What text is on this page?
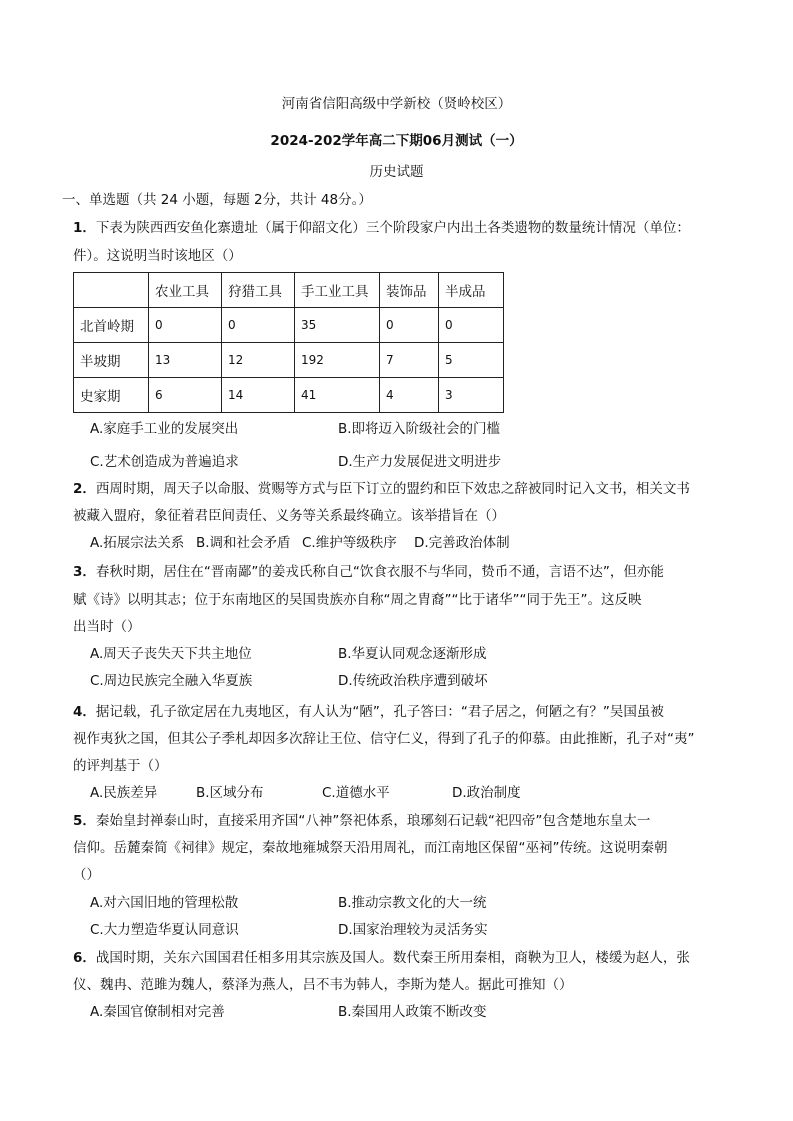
河南省信阳高级中学新校（贤岭校区）
2024-202学年高二下期06月测试（一）
历史试题
一、单选题（共 24 小题，每题 2分，共计 48分。）
1．下表为陕西西安鱼化寨遗址（属于仰韶文化）三个阶段家户内出土各类遗物的数量统计情况（单位：
件）。这说明当时该地区（）
	农业工具	狩猎工具	手工业工具	装饰品	半成品
北首岭期	0	0	35	0	0
半坡期	13	12	192	7	5
史家期	6	14	41	4	3
A.家庭手工业的发展突出	B.即将迈入阶级社会的门槛
C.艺术创造成为普遍追求	D.生产力发展促进文明进步
2．西周时期，周天子以命服、赏赐等方式与臣下订立的盟约和臣下效忠之辞被同时记入文书，相关文书
被藏入盟府，象征着君臣间责任、义务等关系最终确立。该举措旨在（）
A.拓展宗法关系 B.调和社会矛盾 C.维护等级秩序 D.完善政治体制
3．春秋时期，居住在“晋南鄙”的姜戎氏称自己“饮食衣服不与华同，贽币不通，言语不达”，但亦能
赋《诗》以明其志；位于东南地区的吴国贵族亦自称“周之胄裔”“比于诸华”“同于先王”。这反映
出当时（）
A.周天子丧失天下共主地位	B.华夏认同观念逐渐形成
C.周边民族完全融入华夏族	D.传统政治秩序遭到破坏
4．据记载，孔子欲定居在九夷地区，有人认为“陋”，孔子答曰：“君子居之，何陋之有？”吴国虽被
视作夷狄之国，但其公子季札却因多次辞让王位、信守仁义，得到了孔子的仰慕。由此推断，孔子对“夷”
的评判基于（）
A.民族差异	B.区域分布	C.道德水平	D.政治制度
5．秦始皇封禅泰山时，直接采用齐国“八神”祭祀体系，琅琊刻石记载“祀四帝”包含楚地东皇太一
信仰。岳麓秦简《祠律》规定，秦故地雍城祭天沿用周礼，而江南地区保留“巫祠”传统。这说明秦朝
（）
A.对六国旧地的管理松散	B.推动宗教文化的大一统
C.大力塑造华夏认同意识	D.国家治理较为灵活务实
6．战国时期，关东六国国君任相多用其宗族及国人。数代秦王所用秦相，商鞅为卫人，楼缓为赵人，张
仪、魏冉、范雎为魏人，蔡泽为燕人，吕不韦为韩人，李斯为楚人。据此可推知（）
A.秦国官僚制相对完善	B.秦国用人政策不断改变
